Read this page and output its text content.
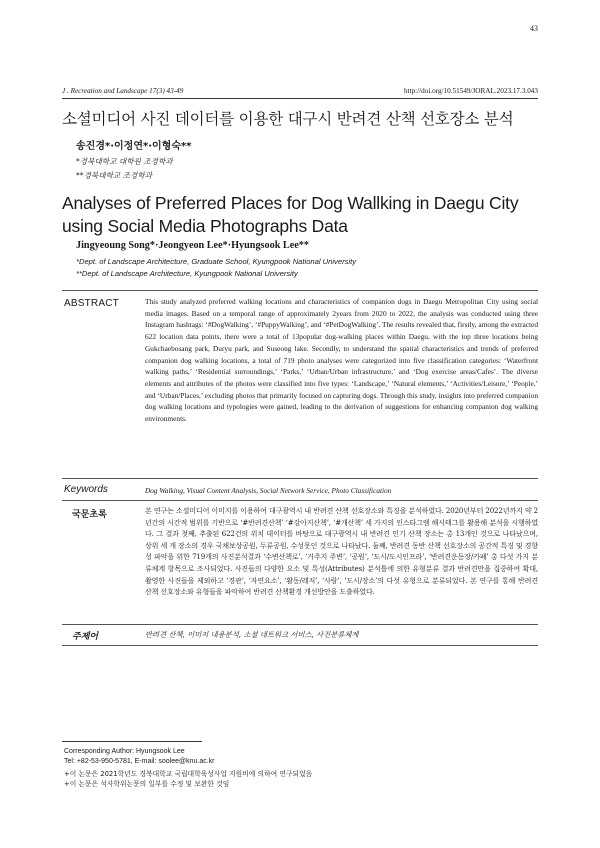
43
J . Recreation and Landscape 17(3) 43-49	http://doi.org/10.51549/JORAL.2023.17.3.043
소셜미디어 사진 데이터를 이용한 대구시 반려견 산책 선호장소 분석
송진경*·이정연*·이형숙**
*경북대학교 대학원 조경학과
**경북대학교 조경학과
Analyses of Preferred Places for Dog Wallking in Daegu City using Social Media Photographs Data
Jingyeoung Song*·Jeongyeon Lee*·Hyungsook Lee**
*Dept. of Landscape Architecture, Graduate School, Kyungpook National University
**Dept. of Landscape Architecture, Kyungpook National University
ABSTRACT	This study analyzed preferred walking locations and characteristics of companion dogs in Daegu Metropolitan City using social media images. Based on a temporal range of approximately 2years from 2020 to 2022, the analysis was conducted using three Instagram hashtags: ‘#DogWalking’, ‘#PuppyWalking’, and ‘#PetDogWalking’. The results revealed that, firstly, among the extracted 622 location data points, there were a total of 13popular dog-walking places within Daegu, with the top three locations being Gukchaebosang park, Duryu park, and Suseong lake. Secondly, to understand the spatial characteristics and trends of preferred companion dog walking locations, a total of 719 photo analyses were categorized into five classification categories: ‘Waterfront walking paths,’ ‘Residential surroundings,’ ‘Parks,’ ‘Urban/Urban infrastructure,’ and ‘Dog exercise areas/Cafes’. The diverse elements and attributes of the photos were classified into five types: ‘Landscape,’ ‘Natural elements,’ ‘Activities/Leisure,’ ‘People,’ and ‘Urban/Places,’ excluding photos that primarily focused on capturing dogs. Through this study, insights into preferred companion dog walking locations and typologies were gained, leading to the derivation of suggestions for enhancing companion dog walking environments.
Keywords	Dog Walking, Visual Content Analysis, Social Network Service, Photo Classification
국문초록	본 연구는 소셜미디어 이미지를 이용하여 대구광역시 내 반려견 산책 선호장소와 특징을 분석하였다. 2020년부터 2022년까지 약 2년간의 시간적 범위를 기반으로 ‘#반려견산책’ ‘#강아지산책’, ‘#개산책’ 세 가지의 인스타그램 해시태그를 활용해 분석을 시행하였다. 그 결과 첫째, 추출된 622건의 위치 데이터를 바탕으로 대구광역시 내 반려견 인기 산책 장소는 총 13개인 것으로 나타났으며, 상위 세 개 장소의 경우 국채보상공원, 두류공원, 수성못인 것으로 나타났다. 둘째, 반려견 동반 산책 선호장소의 공간적 특징 및 경향성 파악을 위한 719개의 사진분석결과 ‘수변산책로’, ‘거주지 주변’, ‘공원’, ‘도시/도시인프라’, ‘반려견운동장/카페’ 총 다섯 가지 분류체계 항목으로 조사되었다. 사진들의 다양한 요소 및 특성(Attributes) 분석틀에 의한 유형분류 결과 반려견만을 집중하여 확대, 촬영한 사진들을 제외하고 ‘경관’, ‘자연요소’, ‘활동/레저’, ‘사람’, ‘도시/장소’의 다섯 유형으로 분류되었다. 본 연구를 통해 반려견 산책 선호장소와 유형들을 파악하여 반려견 산책환경 개선방안을 도출하였다.
주제어	반려견 산책, 이미지 내용분석, 소셜 네트워크 서비스, 사진분류체계
Corresponding Author: Hyungsook Lee
Tel: +82-53-950-5781, E-mail: soolee@knu.ac.kr
+이 논문은 2021학년도 경북대학교 국립대학육성사업 지원비에 의하여 연구되었음
+이 논문은 석사학위논문의 일부를 수정 및 보완한 것임
